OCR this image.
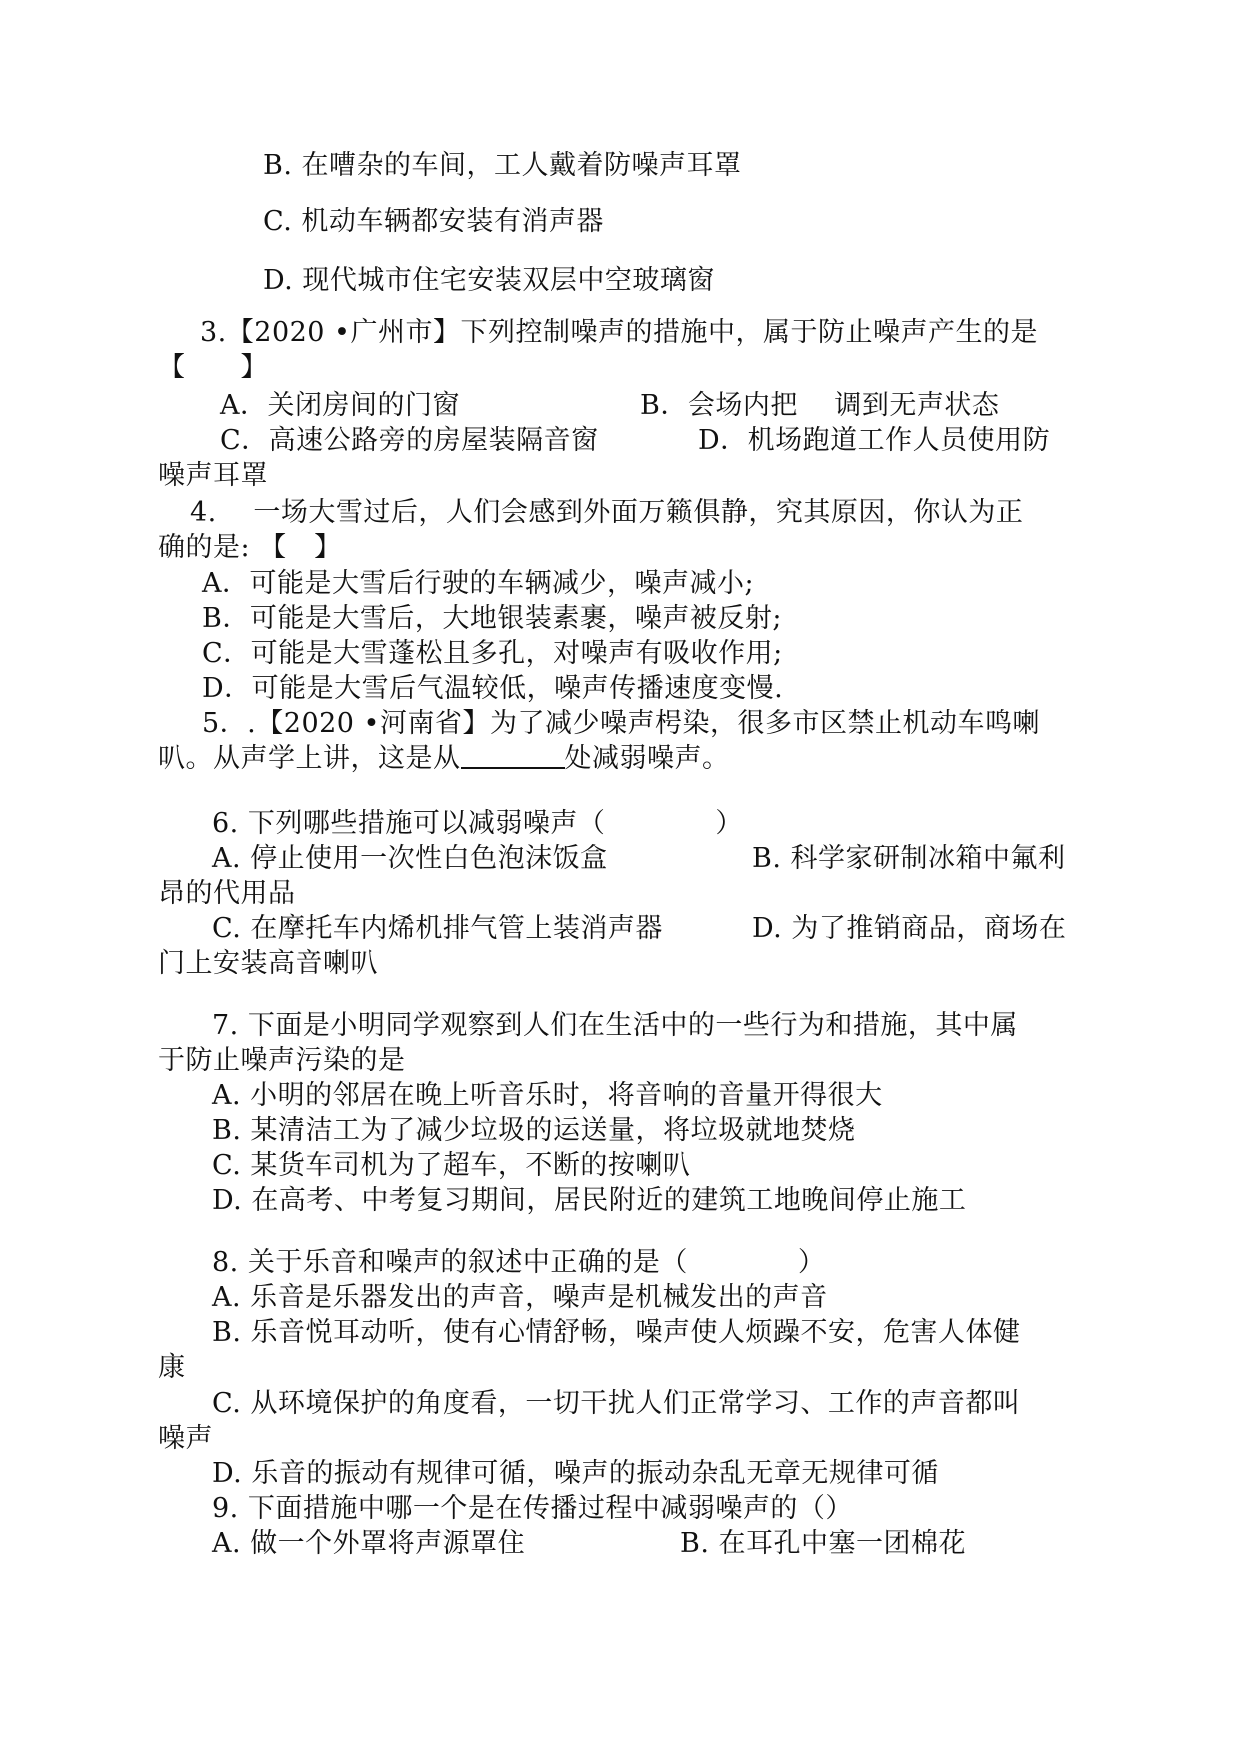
B. 在嘈杂的车间，工人戴着防噪声耳罩
C. 机动车辆都安装有消声器
D. 现代城市住宅安装双层中空玻璃窗
3.【2020 •广州市】下列控制噪声的措施中，属于防止噪声产生的是
【　　】
A．关闭房间的门窗	B．会场内把　 调到无声状态
C．高速公路旁的房屋装隔音窗	D．机场跑道工作人员使用防
噪声耳罩
4.　 一场大雪过后，人们会感到外面万籁俱静，究其原因，你认为正
确的是: 【　】
A．可能是大雪后行驶的车辆减少，噪声减小;
B．可能是大雪后，大地银装素裹，噪声被反射;
C．可能是大雪蓬松且多孔，对噪声有吸收作用;
D．可能是大雪后气温较低，噪声传播速度变慢.
5．.【2020 •河南省】为了减少噪声枵染，很多市区禁止机动车鸣喇
叭。从声学上讲，这是从	处减弱噪声。
6. 下列哪些措施可以减弱噪声（　　　　）
A. 停止使用一次性白色泡沫饭盒	B. 科学家研制冰箱中氟利
昂的代用品
C. 在摩托车内烯机排气管上装消声器	D. 为了推销商品，商场在
门上安装高音喇叭
7. 下面是小明同学观察到人们在生活中的一些行为和措施，其中属
于防止噪声污染的是
A. 小明的邻居在晚上听音乐时，将音响的音量开得很大
B. 某清洁工为了减少垃圾的运送量，将垃圾就地焚烧
C. 某货车司机为了超车，不断的按喇叭
D. 在高考、中考复习期间，居民附近的建筑工地晚间停止施工
8. 关于乐音和噪声的叙述中正确的是（　　　　）
A. 乐音是乐器发出的声音，噪声是机械发出的声音
B. 乐音悦耳动听，使有心情舒畅，噪声使人烦躁不安，危害人体健
康
C. 从环境保护的角度看，一切干扰人们正常学习、工作的声音都叫
噪声
D. 乐音的振动有规律可循，噪声的振动杂乱无章无规律可循
9. 下面措施中哪一个是在传播过程中减弱噪声的（）
A. 做一个外罩将声源罩住	B. 在耳孔中塞一团棉花
